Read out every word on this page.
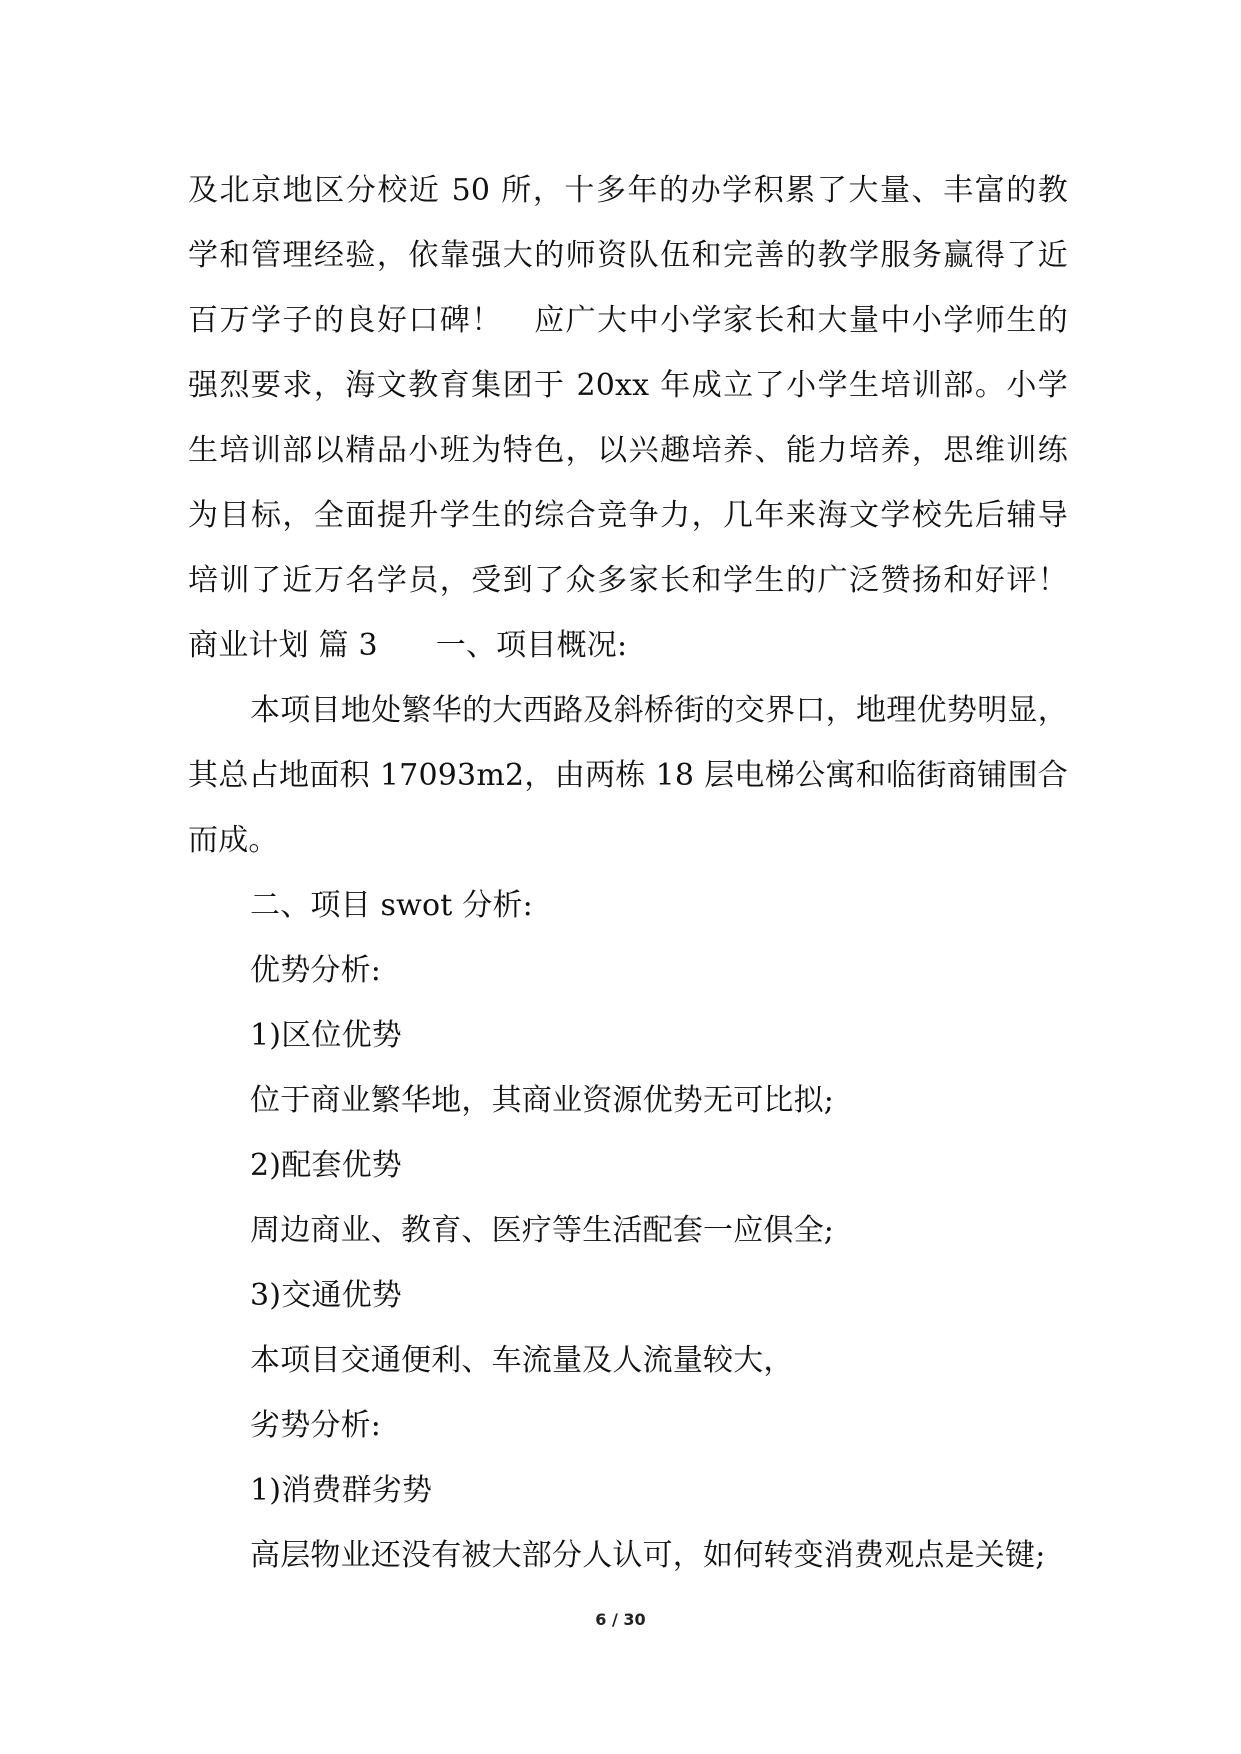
及北京地区分校近 50 所，十多年的办学积累了大量、丰富的教
学和管理经验，依靠强大的师资队伍和完善的教学服务赢得了近
百万学子的良好口碑！　应广大中小学家长和大量中小学师生的
强烈要求，海文教育集团于 20xx 年成立了小学生培训部。小学
生培训部以精品小班为特色，以兴趣培养、能力培养，思维训练
为目标，全面提升学生的综合竞争力，几年来海文学校先后辅导
培训了近万名学员，受到了众多家长和学生的广泛赞扬和好评！
商业计划 篇 3 一、项目概况:
本项目地处繁华的大西路及斜桥街的交界口，地理优势明显，
其总占地面积 17093m2，由两栋 18 层电梯公寓和临街商铺围合
而成。
二、项目 swot 分析:
优势分析:
1)区位优势
位于商业繁华地，其商业资源优势无可比拟;
2)配套优势
周边商业、教育、医疗等生活配套一应俱全;
3)交通优势
本项目交通便利、车流量及人流量较大，
劣势分析:
1)消费群劣势
高层物业还没有被大部分人认可，如何转变消费观点是关键;
6 / 30
